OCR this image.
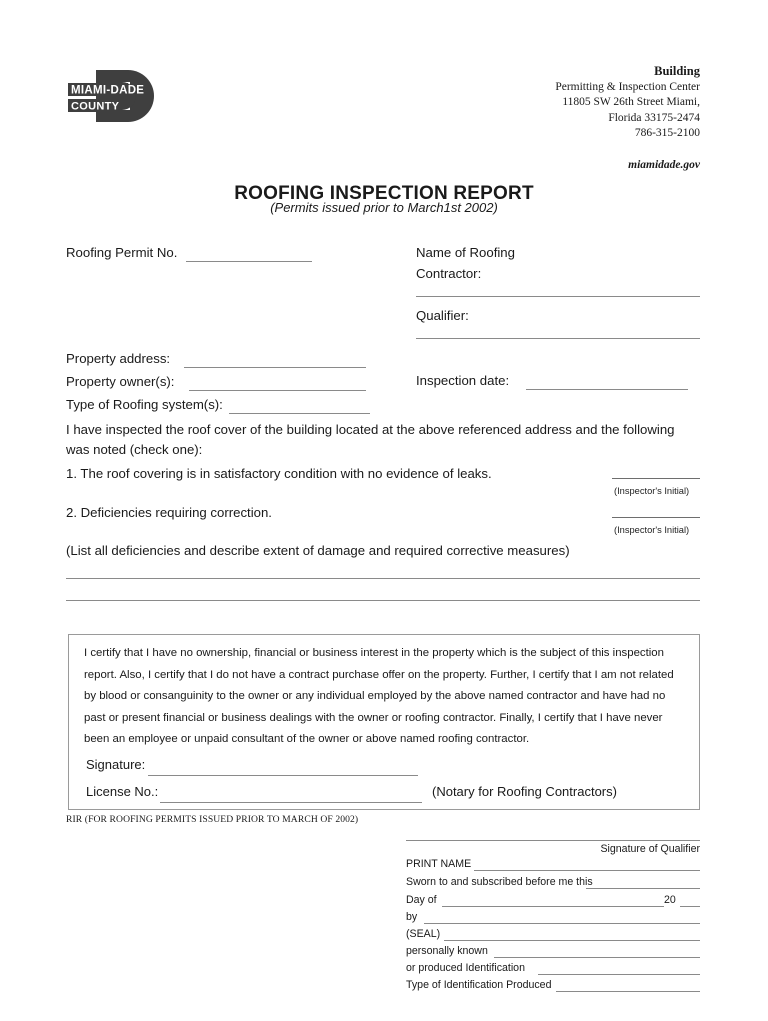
MIAMI-DADE
COUNTY
Building
Permitting & Inspection Center
11805 SW 26th Street Miami,
Florida 33175-2474
786-315-2100
miamidade.gov
ROOFING INSPECTION REPORT
(Permits issued prior to March1st 2002)
Roofing Permit No.
Property address:
Property owner(s):
Type of Roofing system(s):
Name of Roofing
Contractor:
Qualifier:
Inspection date:
I have inspected the roof cover of the building located at the above referenced address and the following was noted (check one):
1. The roof covering is in satisfactory condition with no evidence of leaks.
(Inspector's Initial)
2. Deficiencies requiring correction.
(Inspector's Initial)
(List all deficiencies and describe extent of damage and required corrective measures)
I certify that I have no ownership, financial or business interest in the property which is the subject of this inspection report. Also, I certify that I do not have a contract purchase offer on the property. Further, I certify that I am not related by blood or consanguinity to the owner or any individual employed by the above named contractor and have had no past or present financial or business dealings with the owner or roofing contractor. Finally, I certify that I have never been an employee or unpaid consultant of the owner or above named roofing contractor.
Signature:
License No.:	(Notary for Roofing Contractors)
RIR (FOR ROOFING PERMITS ISSUED PRIOR TO MARCH OF 2002)
Signature of Qualifier
PRINT NAME
Sworn to and subscribed before me this
Day of	20
by
(SEAL)
personally known
or produced Identification
Type of Identification Produced
